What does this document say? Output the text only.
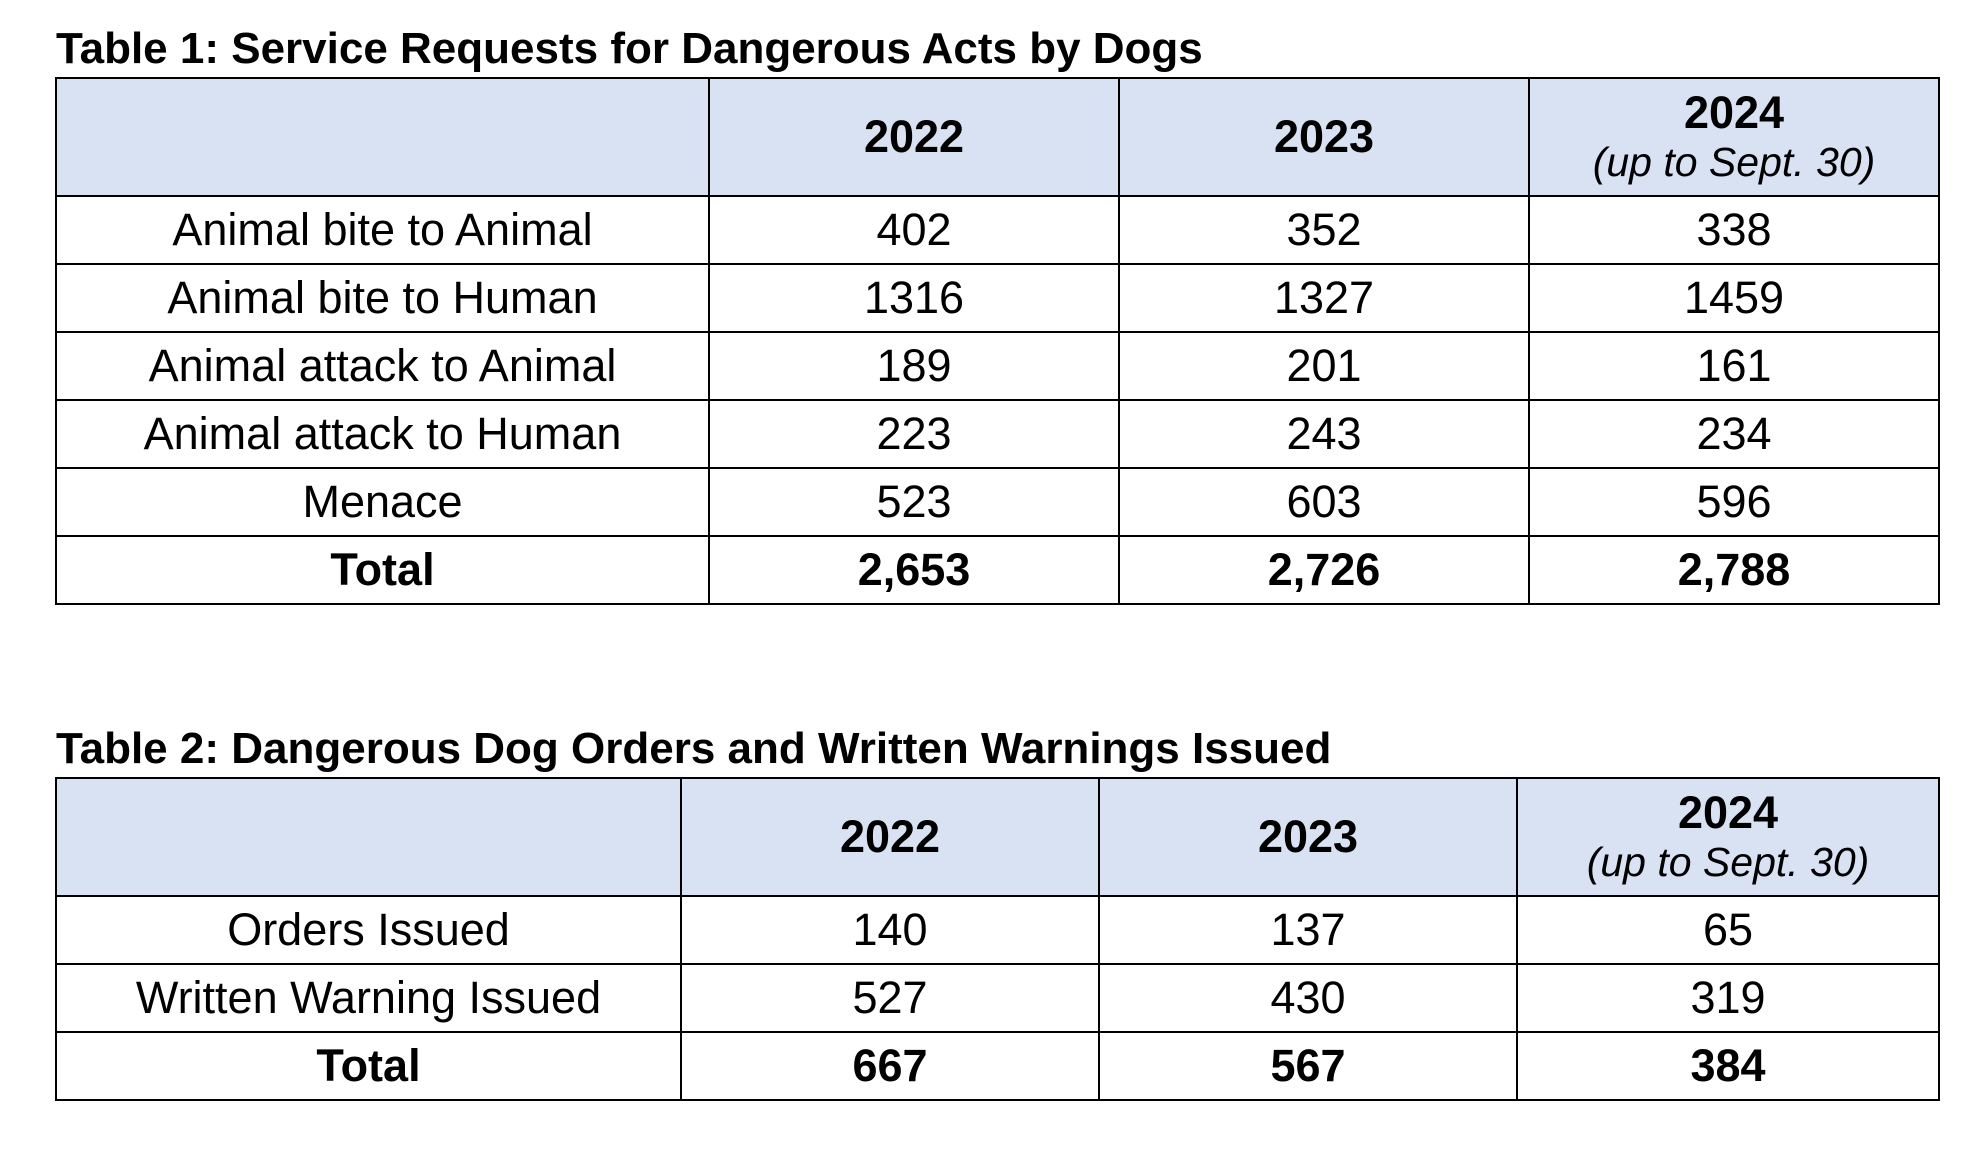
Table 1: Service Requests for Dangerous Acts by Dogs

	2022	2023	2024
(up to Sept. 30)

Animal bite to Animal	402	352	338
Animal bite to Human	1316	1327	1459
Animal attack to Animal	189	201	161
Animal attack to Human	223	243	234
Menace	523	603	596
Total	2,653	2,726	2,788

Table 2: Dangerous Dog Orders and Written Warnings Issued

	2022	2023	2024
(up to Sept. 30)

Orders Issued	140	137	65
Written Warning Issued	527	430	319
Total	667	567	384
